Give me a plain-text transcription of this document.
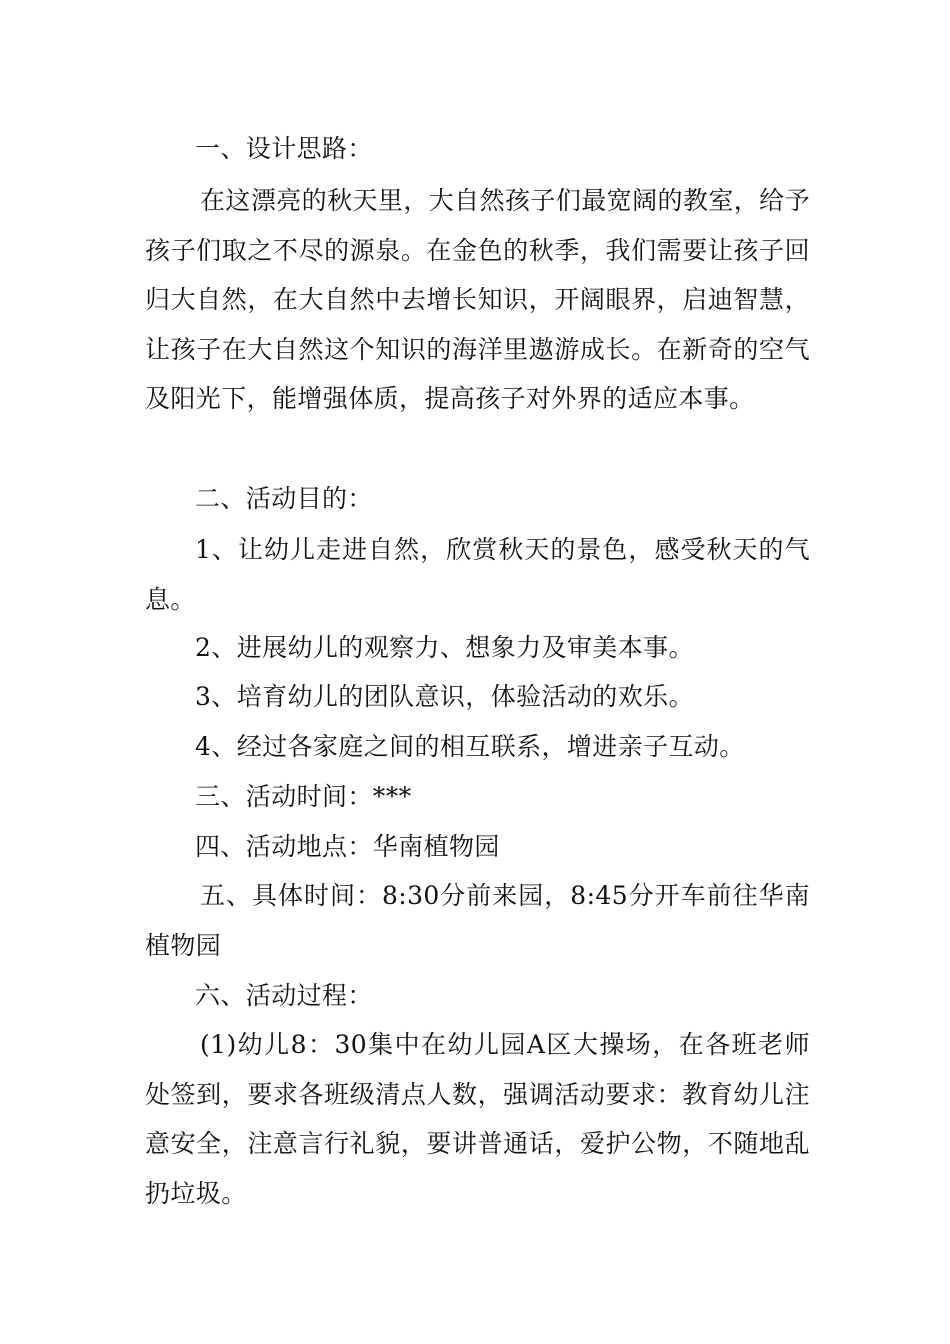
一、设计思路：

在这漂亮的秋天里，大自然孩子们最宽阔的教室，给予孩子们取之不尽的源泉。在金色的秋季，我们需要让孩子回归大自然，在大自然中去增长知识，开阔眼界，启迪智慧，让孩子在大自然这个知识的海洋里遨游成长。在新奇的空气及阳光下，能增强体质，提高孩子对外界的适应本事。

二、活动目的：

1、让幼儿走进自然，欣赏秋天的景色，感受秋天的气息。

2、进展幼儿的观察力、想象力及审美本事。

3、培育幼儿的团队意识，体验活动的欢乐。

4、经过各家庭之间的相互联系，增进亲子互动。

三、活动时间：***

四、活动地点：华南植物园

五、具体时间：8:30分前来园，8:45分开车前往华南植物园

六、活动过程：

(1)幼儿8：30集中在幼儿园A区大操场，在各班老师处签到，要求各班级清点人数，强调活动要求：教育幼儿注意安全，注意言行礼貌，要讲普通话，爱护公物，不随地乱扔垃圾。
